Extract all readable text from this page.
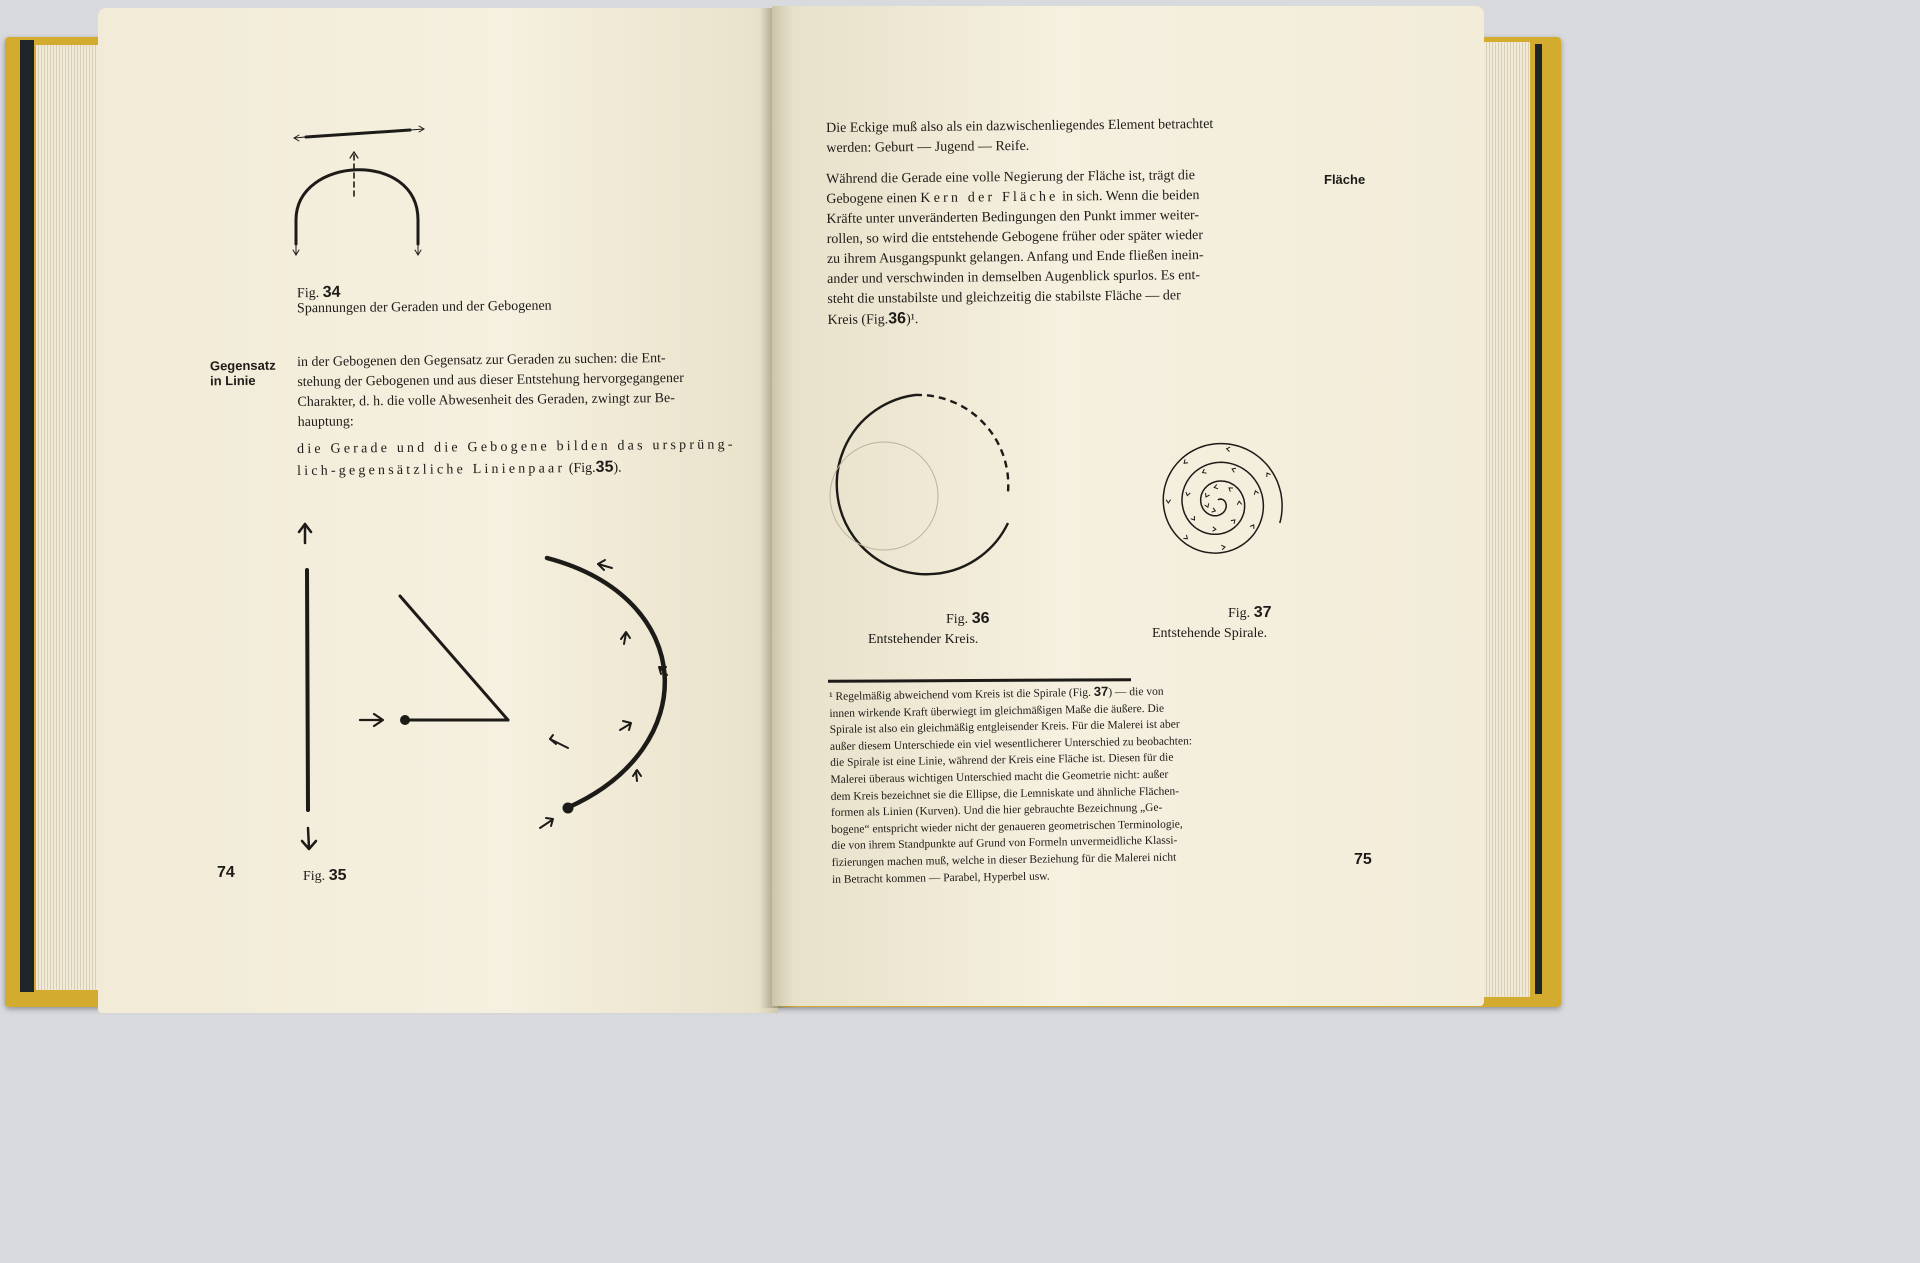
Fig. 34
Spannungen der Geraden und der Gebogenen
Gegensatz
in Linie
in der Gebogenen den Gegensatz zur Geraden zu suchen: die Ent-
stehung der Gebogenen und aus dieser Entstehung hervorgegangener
Charakter, d. h. die volle Abwesenheit des Geraden, zwingt zur Be-
hauptung:
die Gerade und die Gebogene bilden das ursprüng-
lich-gegensätzliche Linienpaar (Fig.35).
74	Fig. 35
Die Eckige muß also als ein dazwischenliegendes Element betrachtet
werden: Geburt — Jugend — Reife.
Während die Gerade eine volle Negierung der Fläche ist, trägt die
Gebogene einen Kern der Fläche in sich. Wenn die beiden
Kräfte unter unveränderten Bedingungen den Punkt immer weiter-
rollen, so wird die entstehende Gebogene früher oder später wieder
zu ihrem Ausgangspunkt gelangen. Anfang und Ende fließen inein-
ander und verschwinden in demselben Augenblick spurlos. Es ent-
steht die unstabilste und gleichzeitig die stabilste Fläche — der
Kreis (Fig.36)¹.
Fläche
Fig. 36
Entstehender Kreis.
Fig. 37
Entstehende Spirale.
¹ Regelmäßig abweichend vom Kreis ist die Spirale (Fig. 37) — die von
innen wirkende Kraft überwiegt im gleichmäßigen Maße die äußere. Die
Spirale ist also ein gleichmäßig entgleisender Kreis. Für die Malerei ist aber
außer diesem Unterschiede ein viel wesentlicherer Unterschied zu beobachten:
die Spirale ist eine Linie, während der Kreis eine Fläche ist. Diesen für die
Malerei überaus wichtigen Unterschied macht die Geometrie nicht: außer
dem Kreis bezeichnet sie die Ellipse, die Lemniskate und ähnliche Flächen-
formen als Linien (Kurven). Und die hier gebrauchte Bezeichnung „Ge-
bogene“ entspricht wieder nicht der genaueren geometrischen Terminologie,
die von ihrem Standpunkte auf Grund von Formeln unvermeidliche Klassi-
fizierungen machen muß, welche in dieser Beziehung für die Malerei nicht
in Betracht kommen — Parabel, Hyperbel usw.
75
